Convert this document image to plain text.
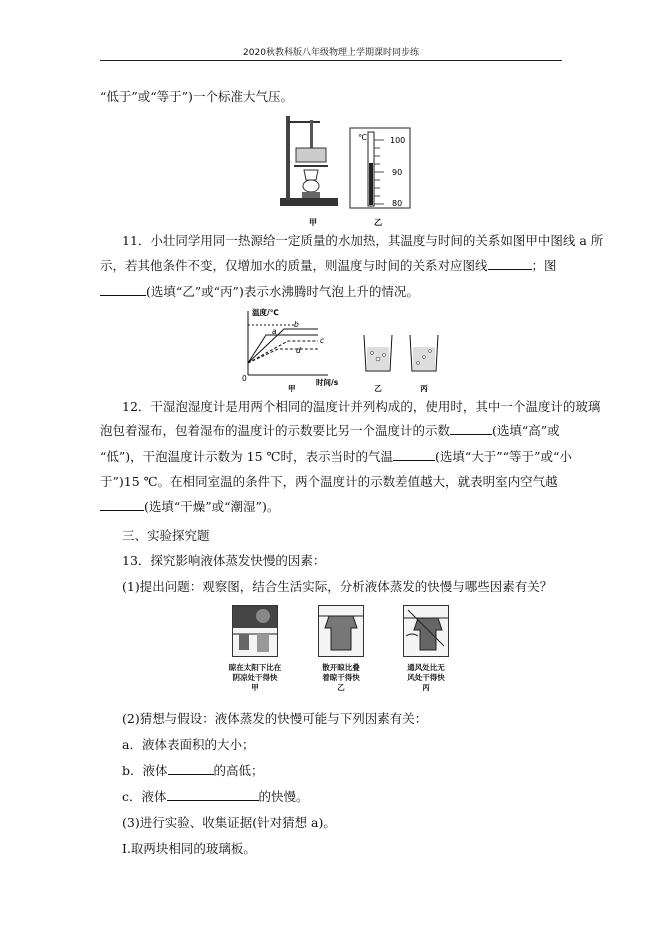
2020秋教科版八年级物理上学期课时同步练
“低于”或“等于”)一个标准大气压。
甲
℃	100
90
80
乙
11．小壮同学用同一热源给一定质量的水加热，其温度与时间的关系如图甲中图线 a 所
示，若其他条件不变，仅增加水的质量，则温度与时间的关系对应图线	；图
(选填“乙”或“丙”)表示水沸腾时气泡上升的情况。
温度/℃
时间/s
0
a
b
c
d
甲	乙	丙
12．干湿泡湿度计是用两个相同的温度计并列构成的，使用时，其中一个温度计的玻璃
泡包着湿布，包着湿布的温度计的示数要比另一个温度计的示数	(选填“高”或
“低”)，干泡温度计示数为 15 ℃时，表示当时的气温	(选填“大于”“等于”或“小
于”)15 ℃。在相同室温的条件下，两个温度计的示数差值越大，就表明室内空气越
(选填“干燥”或“潮湿”)。
三、实验探究题
13．探究影响液体蒸发快慢的因素：
(1)提出问题：观察图，结合生活实际，分析液体蒸发的快慢与哪些因素有关？
晾在太阳下比在
阴凉处干得快
甲
散开晾比叠
着晾干得快
乙
通风处比无
风处干得快
丙
(2)猜想与假设：液体蒸发的快慢可能与下列因素有关：
a．液体表面积的大小；
b．液体	的高低；
c．液体	的快慢。
(3)进行实验、收集证据(针对猜想 a)。
Ⅰ.取两块相同的玻璃板。
